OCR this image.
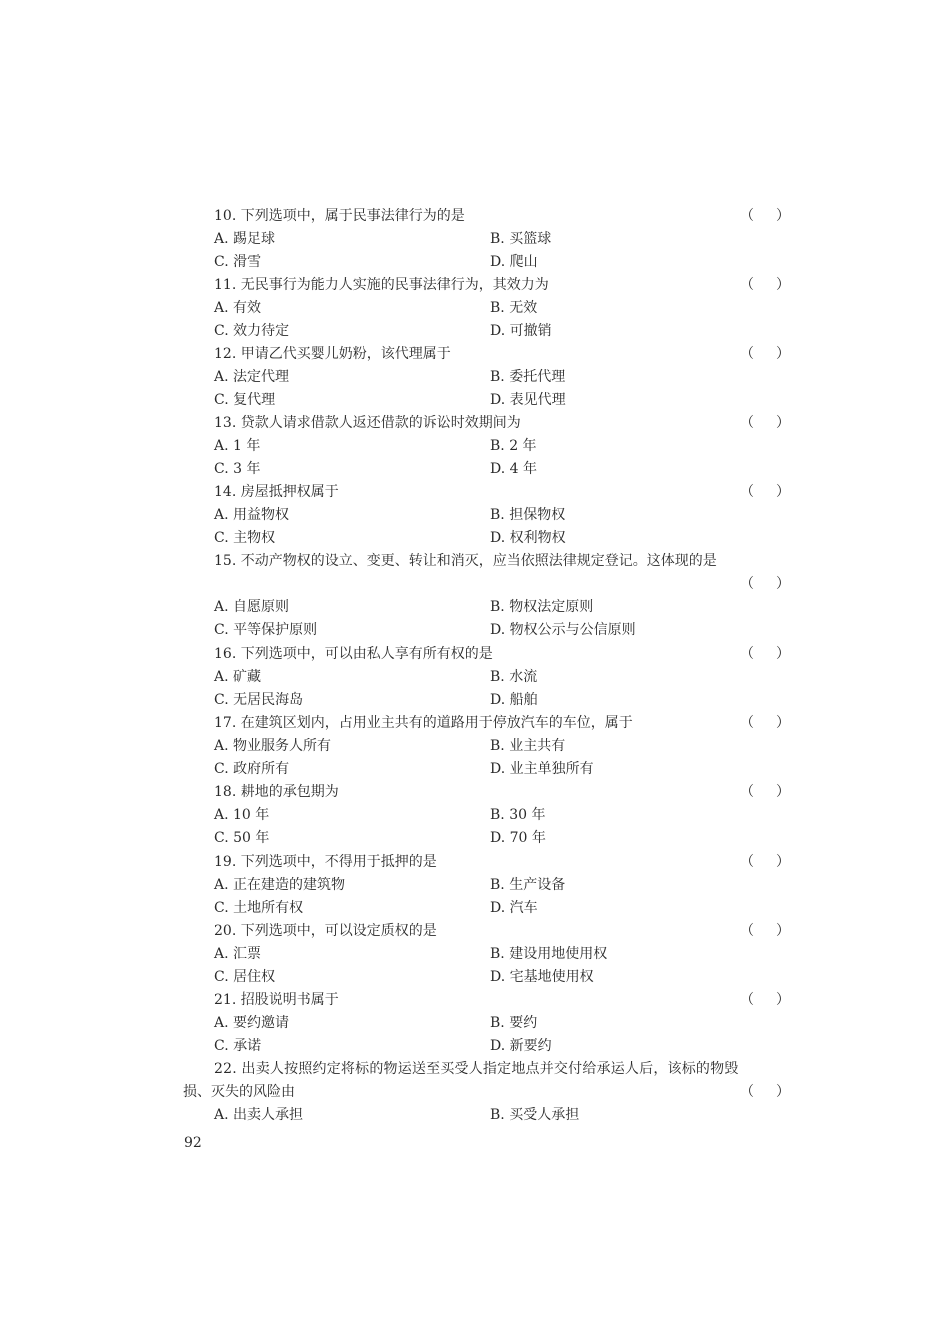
10. 下列选项中，属于民事法律行为的是	（ ）
A. 踢足球	B. 买篮球
C. 滑雪	D. 爬山
11. 无民事行为能力人实施的民事法律行为，其效力为	（ ）
A. 有效	B. 无效
C. 效力待定	D. 可撤销
12. 甲请乙代买婴儿奶粉，该代理属于	（ ）
A. 法定代理	B. 委托代理
C. 复代理	D. 表见代理
13. 贷款人请求借款人返还借款的诉讼时效期间为	（ ）
A. 1 年	B. 2 年
C. 3 年	D. 4 年
14. 房屋抵押权属于	（ ）
A. 用益物权	B. 担保物权
C. 主物权	D. 权利物权
15. 不动产物权的设立、变更、转让和消灭，应当依照法律规定登记。这体现的是
（ ）
A. 自愿原则	B. 物权法定原则
C. 平等保护原则	D. 物权公示与公信原则
16. 下列选项中，可以由私人享有所有权的是	（ ）
A. 矿藏	B. 水流
C. 无居民海岛	D. 船舶
17. 在建筑区划内，占用业主共有的道路用于停放汽车的车位，属于	（ ）
A. 物业服务人所有	B. 业主共有
C. 政府所有	D. 业主单独所有
18. 耕地的承包期为	（ ）
A. 10 年	B. 30 年
C. 50 年	D. 70 年
19. 下列选项中，不得用于抵押的是	（ ）
A. 正在建造的建筑物	B. 生产设备
C. 土地所有权	D. 汽车
20. 下列选项中，可以设定质权的是	（ ）
A. 汇票	B. 建设用地使用权
C. 居住权	D. 宅基地使用权
21. 招股说明书属于	（ ）
A. 要约邀请	B. 要约
C. 承诺	D. 新要约
22. 出卖人按照约定将标的物运送至买受人指定地点并交付给承运人后，该标的物毁
损、灭失的风险由	（ ）
A. 出卖人承担	B. 买受人承担
92
